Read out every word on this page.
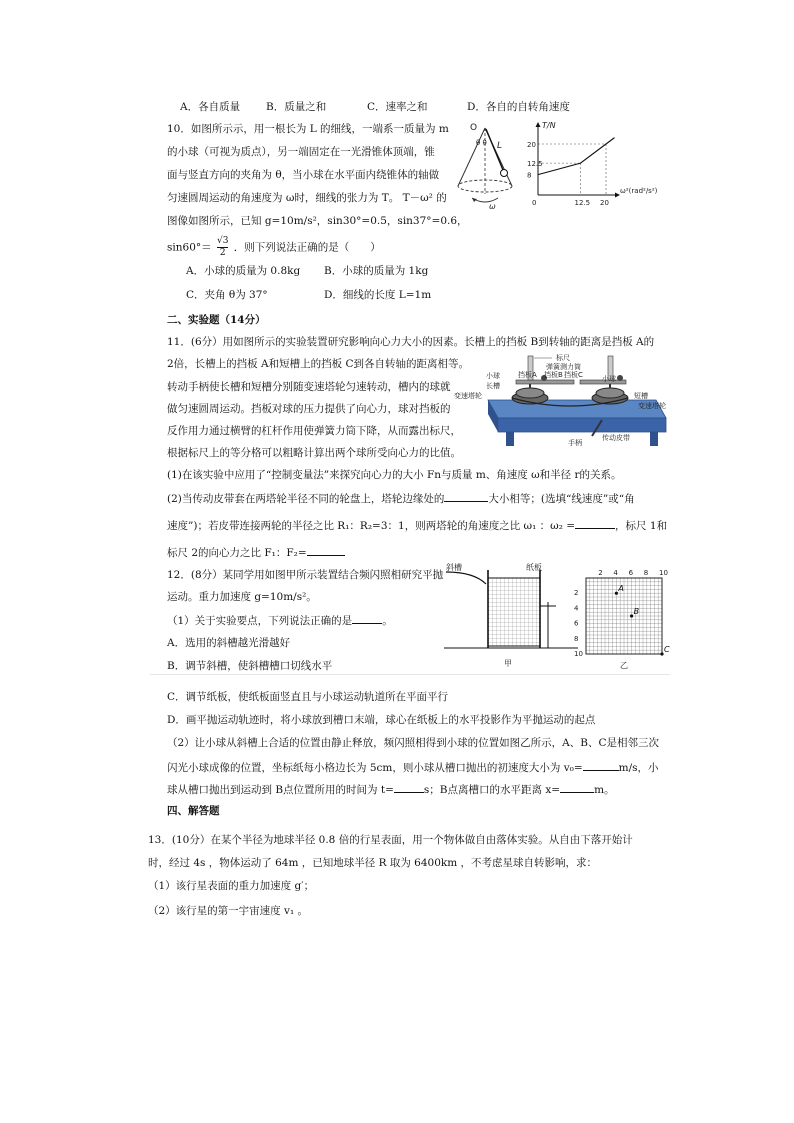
A．各自质量 B．质量之和	C．速率之和	D．各自的自转角速度
10．如图所示示，用一根长为 L 的细线，一端系一质量为 m
的小球（可视为质点），另一端固定在一光滑锥体顶端，锥
面与竖直方向的夹角为 θ，当小球在水平面内绕锥体的轴做
匀速圆周运动的角速度为 ω时，细线的张力为 T。 T－ω² 的
图像如图所示，已知 g=10m/s²，sin30°=0.5，sin37°=0.6，
$\sin 60^\circ= \frac{√3}{2}$ ．则下列说法正确的是（　　）
A．小球的质量为 0.8kg B．小球的质量为 1kg
C．夹角 θ为 37°	D．细线的长度 L=1m
O
θ θ L
ω
20
12.5
8
12.5 20
T/N
ω²(rad²/s²)
0
二、实验题（14分）
11．(6分）用如图所示的实验装置研究影响向心力大小的因素。长槽上的挡板 B到转轴的距离是挡板 A的
2倍，长槽上的挡板 A和短槽上的挡板 C到各自转轴的距离相等。
转动手柄使长槽和短槽分别随变速塔轮匀速转动，槽内的球就
做匀速圆周运动。挡板对球的压力提供了向心力，球对挡板的
反作用力通过横臂的杠杆作用使弹簧力筒下降，从而露出标尺，
根据标尺上的等分格可以粗略计算出两个球所受向心力的比值。
(1)在该实验中应用了“控制变量法”来探究向心力的大小 Fn与质量 m、角速度 ω和半径 r的关系。
(2)当传动皮带套在两塔轮半径不同的轮盘上，塔轮边缘处的	大小相等；(选填“线速度”或“角
速度”)；若皮带连接两轮的半径之比 R₁：R₂=3：1，则两塔轮的角速度之比 ω₁ ：ω₂ =	，标尺 1和
标尺 2的向心力之比 F₁：F₂=
标尺
弹簧测力筒
小球	挡板A 挡板B 挡板C	小球
长槽
短槽
变速塔轮
变速塔轮
手柄
传动皮带
12．(8分）某同学用如图甲所示装置结合频闪照相研究平抛
运动。重力加速度 g=10m/s²。
（1）关于实验要点，下列说法正确的是	。
A．选用的斜槽越光滑越好
B．调节斜槽，使斜槽槽口切线水平
斜槽	纸板
甲
2 4 6 8 10
2
4
6
8
10
A
B
C
乙
C．调节纸板，使纸板面竖直且与小球运动轨道所在平面平行
D．画平抛运动轨迹时，将小球放到槽口末端，球心在纸板上的水平投影作为平抛运动的起点
（2）让小球从斜槽上合适的位置由静止释放，频闪照相得到小球的位置如图乙所示，A、B、C是相邻三次
闪光小球成像的位置，坐标纸每小格边长为 5cm，则小球从槽口抛出的初速度大小为 v₀=	m/s，小
球从槽口抛出到运动到 B点位置所用的时间为 t=	s；B点离槽口的水平距离 x=	m。
四、解答题
13．(10分）在某个半径为地球半径 0.8 倍的行星表面，用一个物体做自由落体实验。从自由下落开始计
时，经过 4s ，物体运动了 64m ，已知地球半径 R 取为 6400km ，不考虑星球自转影响，求：
（1）该行星表面的重力加速度 g′；
（2）该行星的第一宇宙速度 v₁ 。
